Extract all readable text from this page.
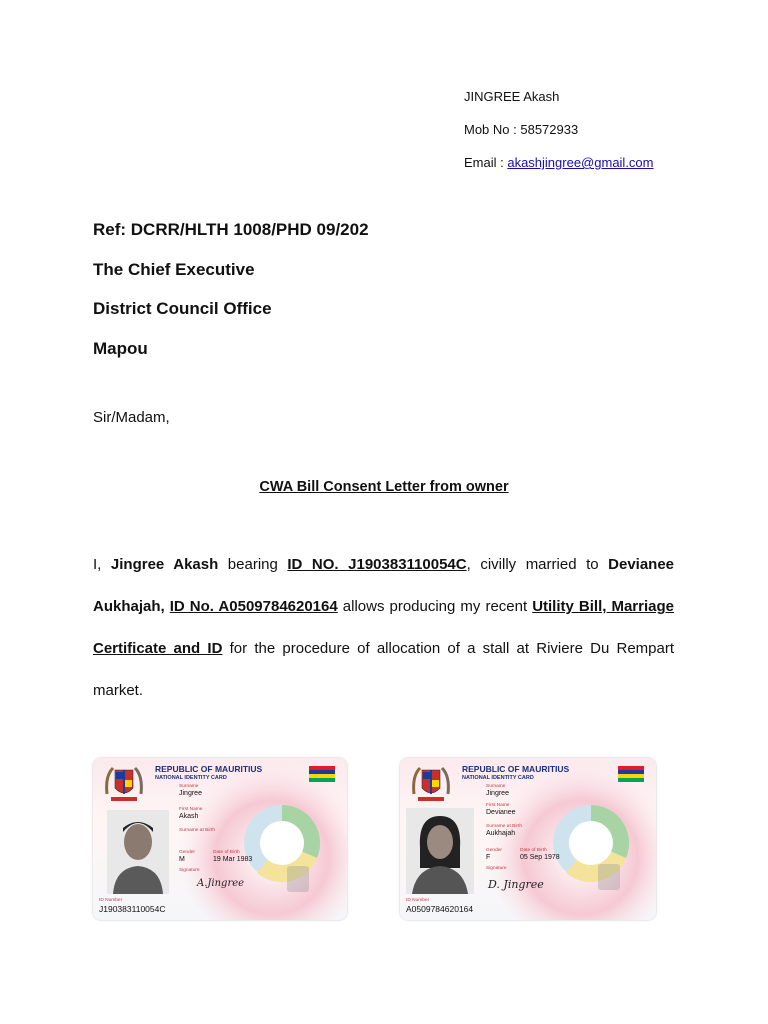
JINGREE Akash
Mob No : 58572933
Email : akashjingree@gmail.com
Ref: DCRR/HLTH 1008/PHD 09/202
The Chief Executive
District Council Office
Mapou
Sir/Madam,
CWA Bill Consent Letter from owner
I, Jingree Akash bearing ID NO. J190383110054C, civilly married to Devianee Aukhajah, ID No. A0509784620164 allows producing my recent Utility Bill, Marriage Certificate and ID for the procedure of allocation of a stall at Riviere Du Rempart market.
REPUBLIC OF MAURITIUS
NATIONAL IDENTITY CARD
Surname
Jingree
First Name
Akash
Surname at Birth
Gender
M
Date of Birth
19 Mar 1983
Signature
A.Jingree
ID Number
J190383110054C
REPUBLIC OF MAURITIUS
NATIONAL IDENTITY CARD
Surname
Jingree
First Name
Devianee
Surname at Birth
Aukhajah
Gender
F
Date of Birth
05 Sep 1978
Signature
D. Jingree
ID Number
A0509784620164
